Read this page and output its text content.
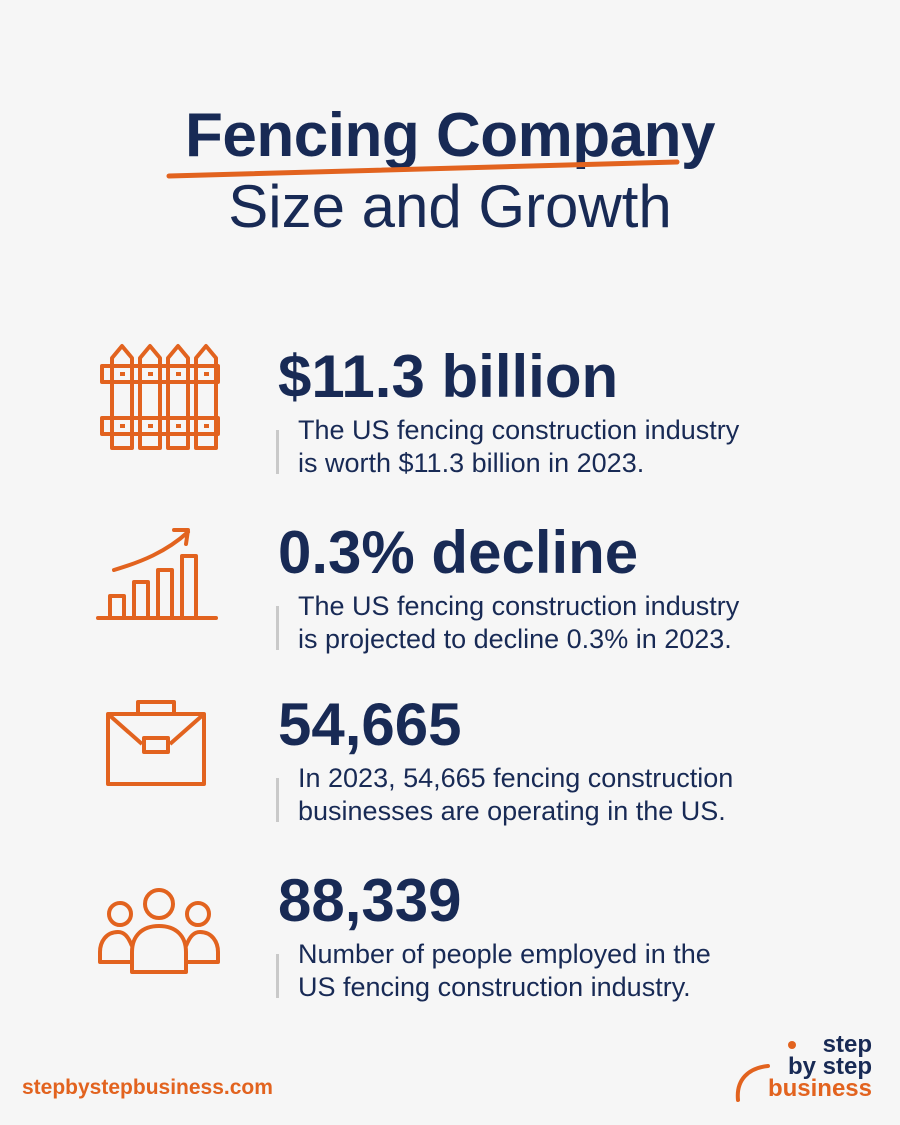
Fencing Company
Size and Growth
$11.3 billion
The US fencing construction industry
is worth $11.3 billion in 2023.
0.3% decline
The US fencing construction industry
is projected to decline 0.3% in 2023.
54,665
In 2023, 54,665 fencing construction
businesses are operating in the US.
88,339
Number of people employed in the
US fencing construction industry.
stepbystepbusiness.com
step
by step
business
